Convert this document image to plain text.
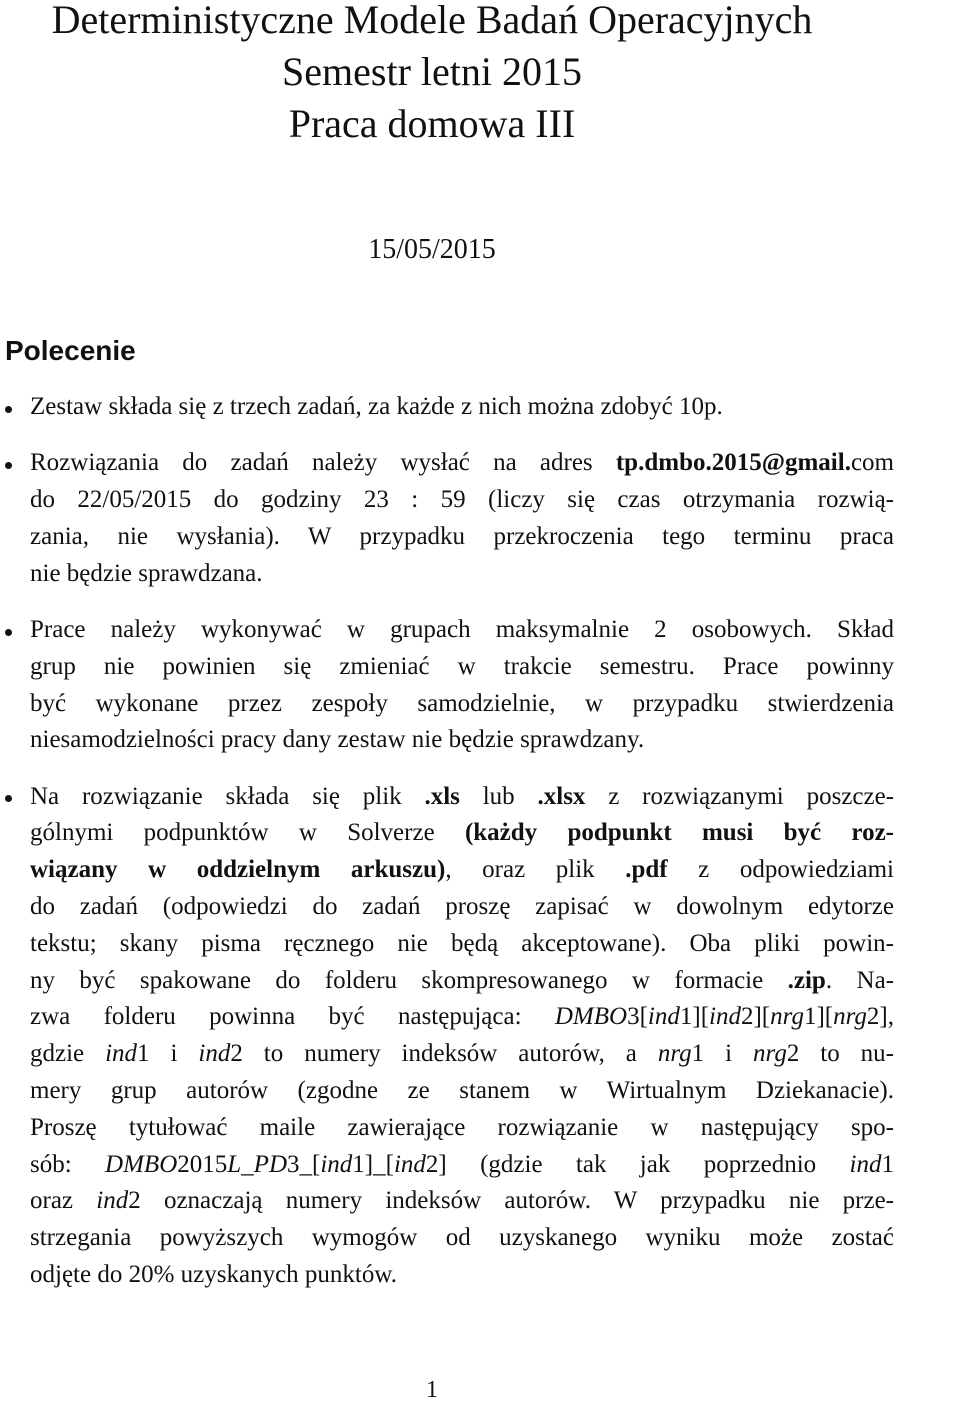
Deterministyczne Modele Badań Operacyjnych
Semestr letni 2015
Praca domowa III
15/05/2015
Polecenie
Zestaw składa się z trzech zadań, za każde z nich można zdobyć 10p.
Rozwiązania do zadań należy wysłać na adres tp.dmbo.2015@gmail.com
do 22/05/2015 do godziny 23 : 59 (liczy się czas otrzymania rozwią-
zania, nie wysłania). W przypadku przekroczenia tego terminu praca
nie będzie sprawdzana.
Prace należy wykonywać w grupach maksymalnie 2 osobowych. Skład
grup nie powinien się zmieniać w trakcie semestru. Prace powinny
być wykonane przez zespoły samodzielnie, w przypadku stwierdzenia
niesamodzielności pracy dany zestaw nie będzie sprawdzany.
Na rozwiązanie składa się plik .xls lub .xlsx z rozwiązanymi poszcze-
gólnymi podpunktów w Solverze (każdy podpunkt musi być roz-
wiązany w oddzielnym arkuszu), oraz plik .pdf z odpowiedziami
do zadań (odpowiedzi do zadań proszę zapisać w dowolnym edytorze
tekstu; skany pisma ręcznego nie będą akceptowane). Oba pliki powin-
ny być spakowane do folderu skompresowanego w formacie .zip. Na-
zwa folderu powinna być następująca: DMBO3[ind1][ind2][nrg1][nrg2],
gdzie ind1 i ind2 to numery indeksów autorów, a nrg1 i nrg2 to nu-
mery grup autorów (zgodne ze stanem w Wirtualnym Dziekanacie).
Proszę tytułować maile zawierające rozwiązanie w następujący spo-
sób: DMBO2015L_PD3_[ind1]_[ind2] (gdzie tak jak poprzednio ind1
oraz ind2 oznaczają numery indeksów autorów. W przypadku nie prze-
strzegania powyższych wymogów od uzyskanego wyniku może zostać
odjęte do 20% uzyskanych punktów.
1
